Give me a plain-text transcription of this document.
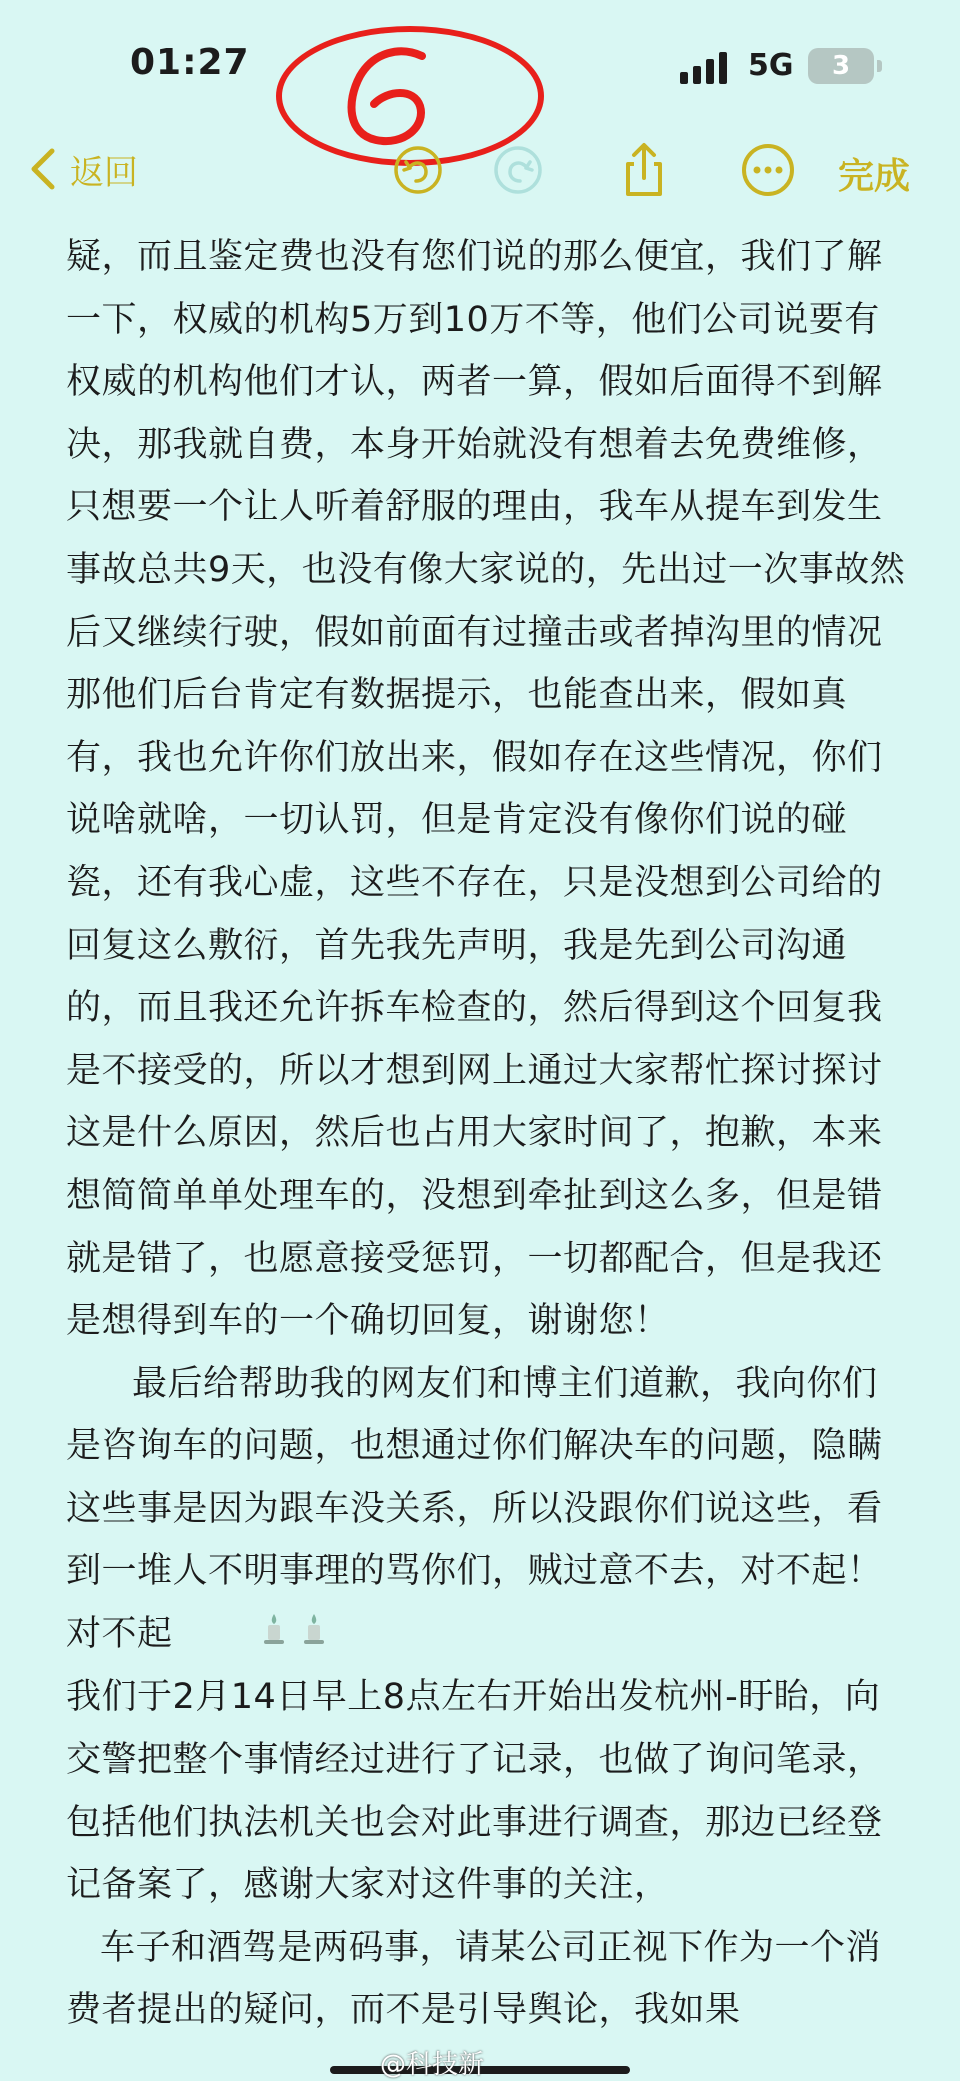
01:27	5G 3
返回	完成

疑，而且鉴定费也没有您们说的那么便宜，我们了解一下，权威的机构5万到10万不等，他们公司说要有权威的机构他们才认，两者一算，假如后面得不到解决，那我就自费，本身开始就没有想着去免费维修，只想要一个让人听着舒服的理由，我车从提车到发生事故总共9天，也没有像大家说的，先出过一次事故然后又继续行驶，假如前面有过撞击或者掉沟里的情况那他们后台肯定有数据提示，也能查出来，假如真有，我也允许你们放出来，假如存在这些情况，你们说啥就啥，一切认罚，但是肯定没有像你们说的碰瓷，还有我心虚，这些不存在，只是没想到公司给的回复这么敷衍，首先我先声明，我是先到公司沟通的，而且我还允许拆车检查的，然后得到这个回复我是不接受的，所以才想到网上通过大家帮忙探讨探讨这是什么原因，然后也占用大家时间了，抱歉，本来想简简单单处理车的，没想到牵扯到这么多，但是错就是错了，也愿意接受惩罚，一切都配合，但是我还是想得到车的一个确切回复，谢谢您！

最后给帮助我的网友们和博主们道歉，我向你们是咨询车的问题，也想通过你们解决车的问题，隐瞒这些事是因为跟车没关系，所以没跟你们说这些，看到一堆人不明事理的骂你们，贼过意不去，对不起！对不起

我们于2月14日早上8点左右开始出发杭州-盱眙，向交警把整个事情经过进行了记录，也做了询问笔录，包括他们执法机关也会对此事进行调查，那边已经登记备案了，感谢大家对这件事的关注，

车子和酒驾是两码事，请某公司正视下作为一个消费者提出的疑问，而不是引导舆论，我如果

@科技新
